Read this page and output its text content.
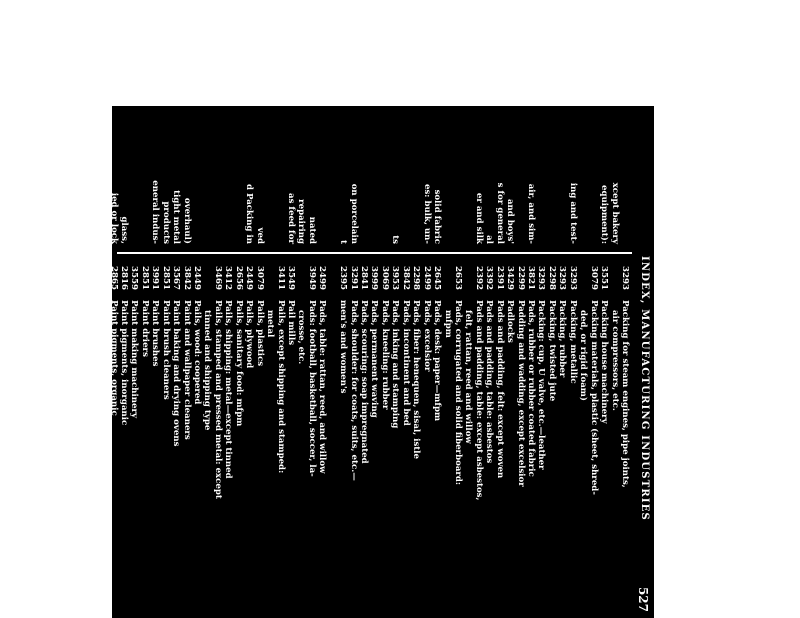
INDEX, MANUFACTURING INDUSTRIES
527
xcept bakery
equipment):
ing and test-
air, and sim-
and boys'
s for general
al
er and silk
solid fabric
es: bulk, un-
ts
on porcelain
t
nated
repairing
as feed for
ved
d Packing in
overhaul)
tight metal
products
eneral indus-
glass,
ied or lock
3293
Packing for steam engines, pipe joints,
air compressors, etc.
3551
Packing house machinery
3079
Packing materials, plastic (sheet, shred-
ded, or rigid foam)
3293
Packing, metallic
3293
Packing, rubber
2298
Packing, twisted jute
3293
Packing: cup, U valve, etc.—leather
3821
Pads, rubber or rubber coated fabric
2299
Padding and wadding, except excelsior
3429
Padlocks
2391
Pads and padding, felt: except woven
3392
Pads and padding, table: asbestos
2392
Pads and padding, table: except asbestos,
felt, rattan, reed and willow
2653
Pads, corrugated and solid fiberboard:
mfpm
2645
Pads, desk: paper—mfpm
2499
Pads, excelsior
2298
Pads, fiber: henequen, sisal, istle
3842
Pads, incontinent and bed
3953
Pads, inking and stamping
3069
Pads, kneeling: rubber
3999
Pads, permanent waving
2841
Pads, scouring: soap impregnated
3291
Pads, shoulder: for coats, suits, etc.—
2395
men's and women's
2499
Pads, table: rattan, reed, and willow
3949
Pads: football, basketball, soccer, la-
crosse, etc.
3549
Pail mills
3411
Pails, except shipping and stamped:
metal
3079
Pails, plastics
2449
Pails, plywood
2656
Pails, sanitary food: mfpm
3412
Pails, shipping: metal—except tinned
3469
Pails, stamped and pressed metal: except
tinned and shipping type
2449
Pails, wood: coopered
3842
Paint and wallpaper cleaners
3567
Paint baking and drying ovens
2851
Paint brush cleaners
3991
Paint brushes
2851
Paint driers
3559
Paint making machinery
2816
Paint pigments, inorganic
2865
Paint pigments, organic
2851
Paint primers
2851
Paint removers
3991
Paint rollers
3944
Paint sets, children's
3563
Paint sprayers
